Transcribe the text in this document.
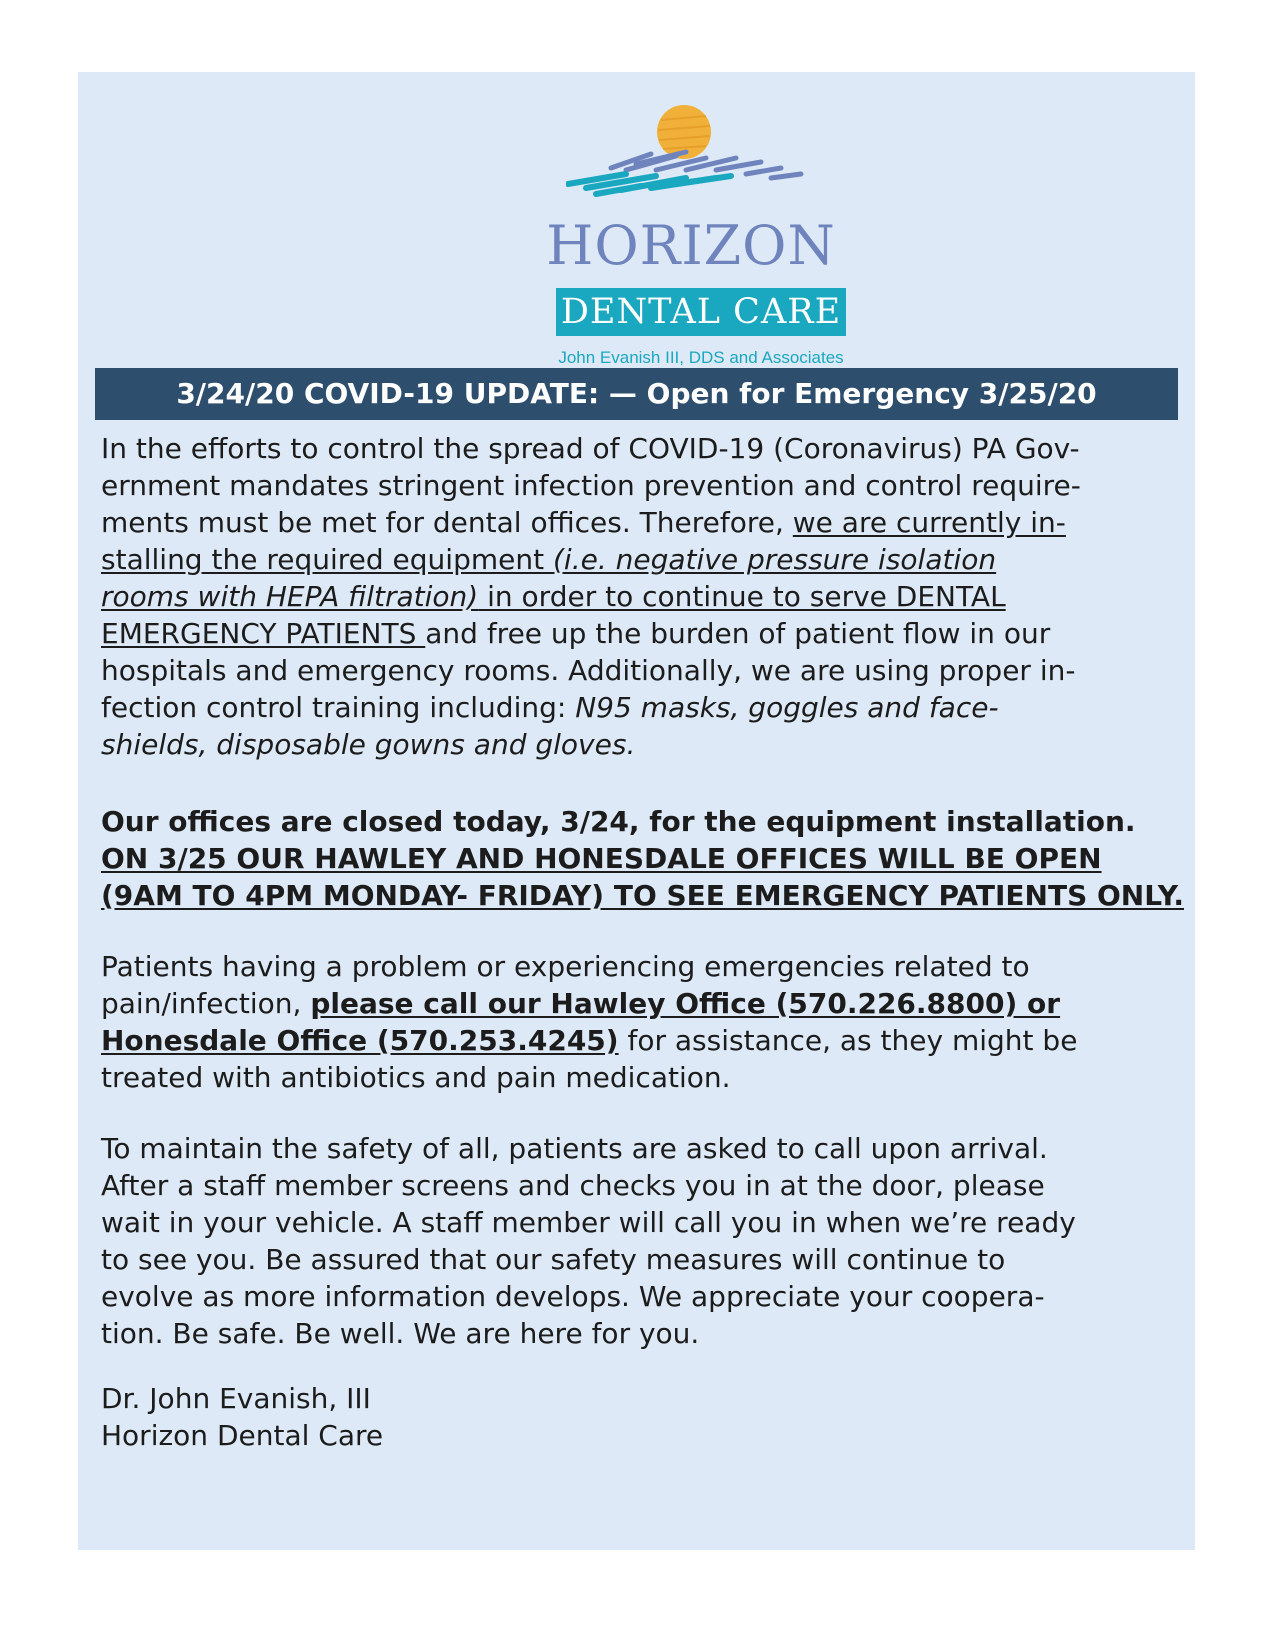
HORIZON
DENTAL CARE
John Evanish III, DDS and Associates
3/24/20 COVID-19 UPDATE: — Open for Emergency 3/25/20

In the efforts to control the spread of COVID-19 (Coronavirus) PA Gov-
ernment mandates stringent infection prevention and control require-
ments must be met for dental offices. Therefore, we are currently in-
stalling the required equipment (i.e. negative pressure isolation
rooms with HEPA filtration) in order to continue to serve DENTAL
EMERGENCY PATIENTS and free up the burden of patient flow in our
hospitals and emergency rooms. Additionally, we are using proper in-
fection control training including: N95 masks, goggles and face-
shields, disposable gowns and gloves.

Our offices are closed today, 3/24, for the equipment installation.
ON 3/25 OUR HAWLEY AND HONESDALE OFFICES WILL BE OPEN
(9AM TO 4PM MONDAY- FRIDAY) TO SEE EMERGENCY PATIENTS ONLY.

Patients having a problem or experiencing emergencies related to
pain/infection, please call our Hawley Office (570.226.8800) or
Honesdale Office (570.253.4245) for assistance, as they might be
treated with antibiotics and pain medication.

To maintain the safety of all, patients are asked to call upon arrival.
After a staff member screens and checks you in at the door, please
wait in your vehicle. A staff member will call you in when we’re ready
to see you. Be assured that our safety measures will continue to
evolve as more information develops. We appreciate your coopera-
tion. Be safe. Be well. We are here for you.

Dr. John Evanish, III
Horizon Dental Care
